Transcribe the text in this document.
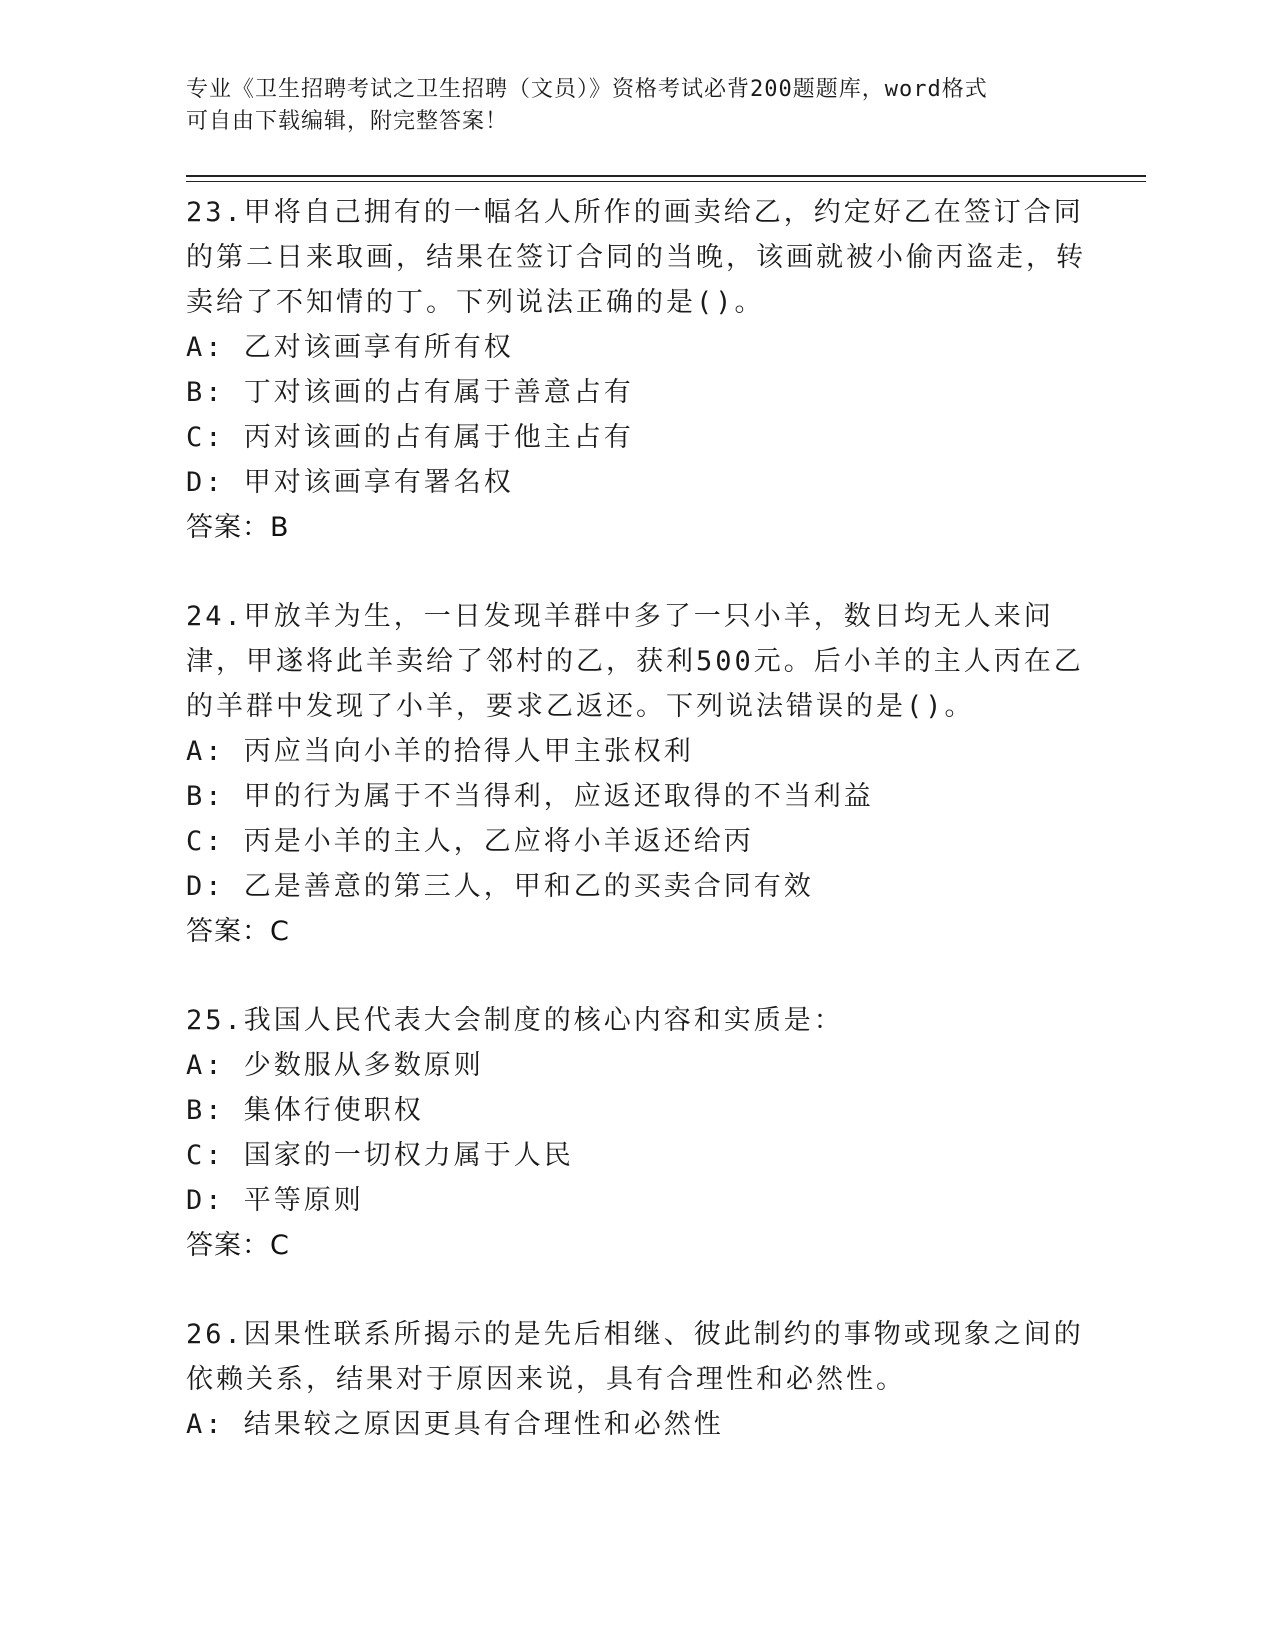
专业《卫生招聘考试之卫生招聘（文员）》资格考试必背200题题库，word格式
可自由下载编辑，附完整答案！
23.甲将自己拥有的一幅名人所作的画卖给乙，约定好乙在签订合同的第二日来取画，结果在签订合同的当晚，该画就被小偷丙盗走，转卖给了不知情的丁。下列说法正确的是()。
A: 乙对该画享有所有权
B: 丁对该画的占有属于善意占有
C: 丙对该画的占有属于他主占有
D: 甲对该画享有署名权
答案：B
24.甲放羊为生，一日发现羊群中多了一只小羊，数日均无人来问津，甲遂将此羊卖给了邻村的乙，获利500元。后小羊的主人丙在乙的羊群中发现了小羊，要求乙返还。下列说法错误的是()。
A: 丙应当向小羊的拾得人甲主张权利
B: 甲的行为属于不当得利，应返还取得的不当利益
C: 丙是小羊的主人，乙应将小羊返还给丙
D: 乙是善意的第三人，甲和乙的买卖合同有效
答案：C
25.我国人民代表大会制度的核心内容和实质是：
A: 少数服从多数原则
B: 集体行使职权
C: 国家的一切权力属于人民
D: 平等原则
答案：C
26.因果性联系所揭示的是先后相继、彼此制约的事物或现象之间的依赖关系，结果对于原因来说，具有合理性和必然性。
A: 结果较之原因更具有合理性和必然性
